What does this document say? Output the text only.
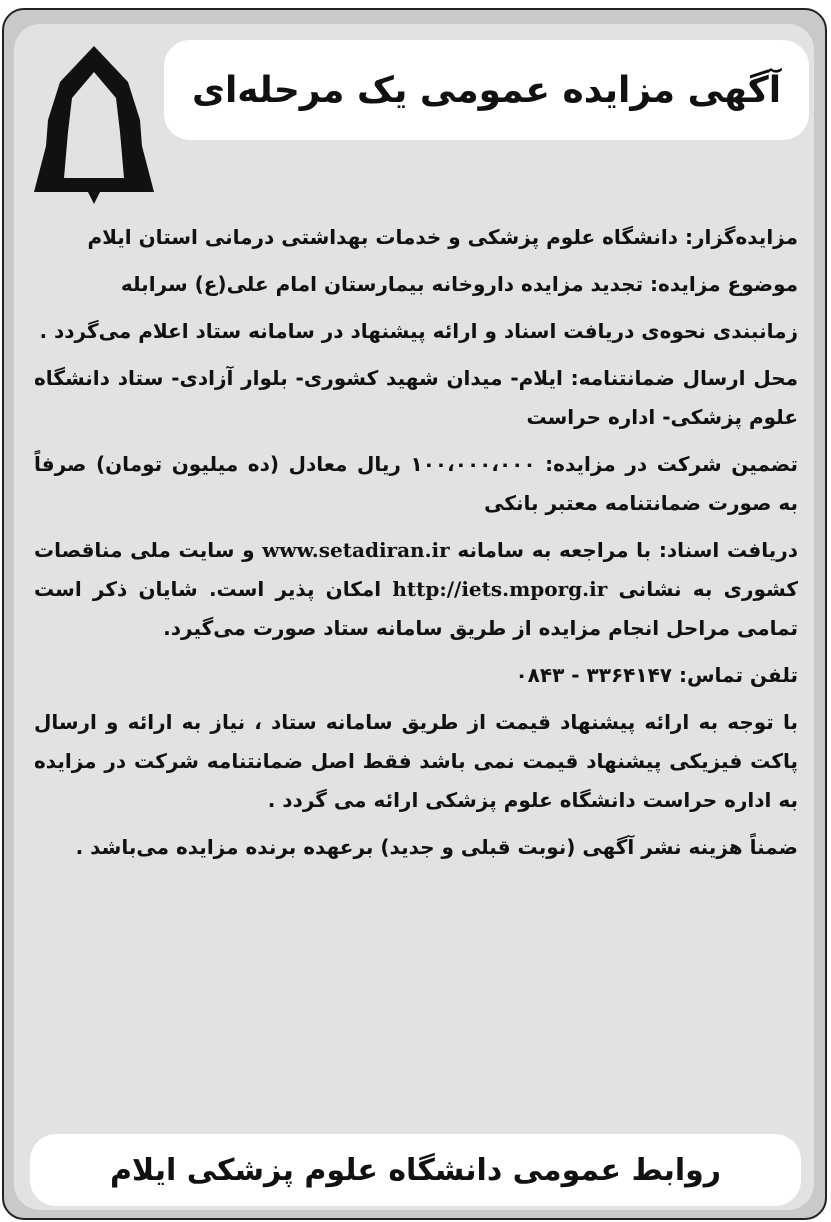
آگهی مزایده عمومی یک مرحله‌ای

مزایده‌گزار: دانشگاه علوم پزشکی و خدمات بهداشتی درمانی استان ایلام

موضوع مزایده: تجدید مزایده داروخانه بیمارستان امام علی(ع) سرابله

زمانبندی نحوه‌ی دریافت اسناد و ارائه پیشنهاد در سامانه ستاد اعلام می‌گردد .

محل ارسال ضمانتنامه: ایلام- میدان شهید کشوری- بلوار آزادی- ستاد دانشگاه علوم پزشکی- اداره حراست

تضمین شرکت در مزایده: ۱۰۰،۰۰۰،۰۰۰ ریال معادل (ده میلیون تومان) صرفاً به صورت ضمانتنامه معتبر بانکی

دریافت اسناد: با مراجعه به سامانه www.setadiran.ir و سایت ملی مناقصات کشوری به نشانی http://iets.mporg.ir امکان پذیر است. شایان ذکر است تمامی مراحل انجام مزایده از طریق سامانه ستاد صورت می‌گیرد.

تلفن تماس: ۳۳۶۴۱۴۷ - ۰۸۴۳

با توجه به ارائه پیشنهاد قیمت از طریق سامانه ستاد ، نیاز به ارائه و ارسال پاکت فیزیکی پیشنهاد قیمت نمی باشد فقط اصل ضمانتنامه شرکت در مزایده به اداره حراست دانشگاه علوم پزشکی ارائه می گردد .

ضمناً هزینه نشر آگهی (نوبت قبلی و جدید) برعهده برنده مزایده می‌باشد .

روابط عمومی دانشگاه علوم پزشکی ایلام
